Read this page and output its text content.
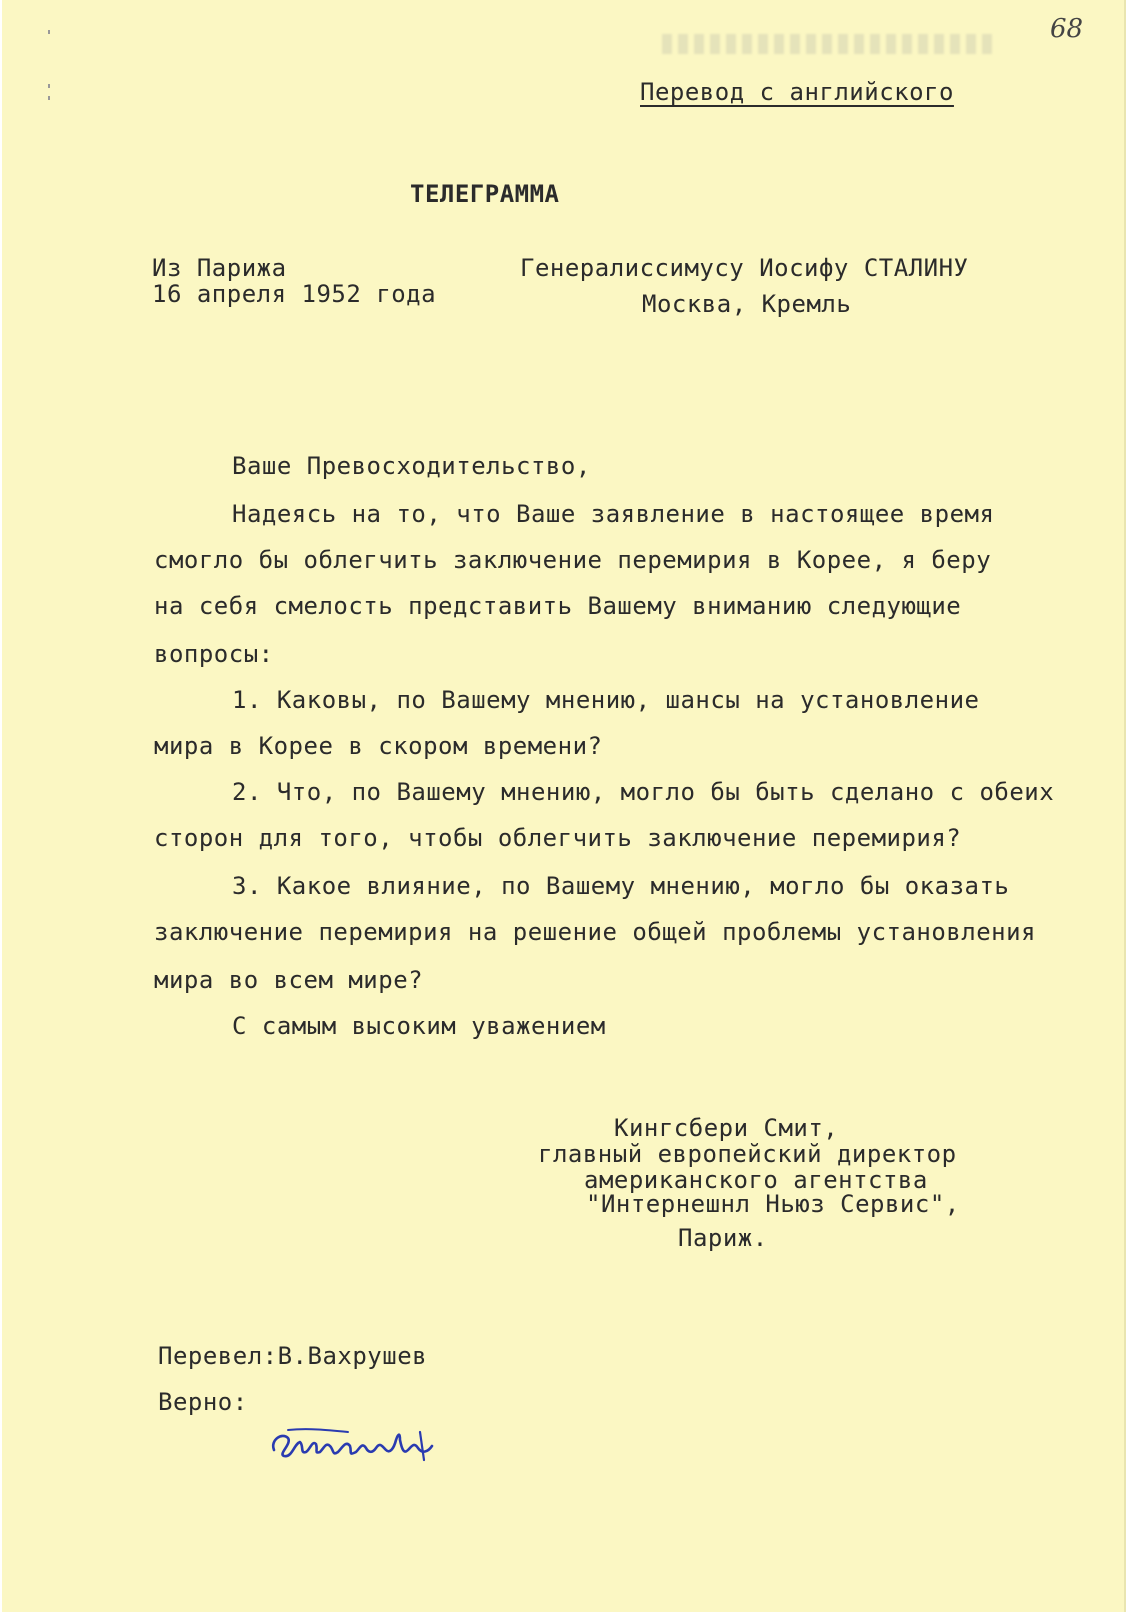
68
Перевод с английского
ТЕЛЕГРАММА
Из Парижа
16 апреля 1952 года
Генералиссимусу Иосифу СТАЛИНУ
Москва, Кремль
Ваше Превосходительство,
Надеясь на то, что Ваше заявление в настоящее время
смогло бы облегчить заключение перемирия в Корее, я беру
на себя смелость представить Вашему вниманию следующие
вопросы:
1. Каковы, по Вашему мнению, шансы на установление
мира в Корее в скором времени?
2. Что, по Вашему мнению, могло бы быть сделано с обеих
сторон для того, чтобы облегчить заключение перемирия?
3. Какое влияние, по Вашему мнению, могло бы оказать
заключение перемирия на решение общей проблемы установления
мира во всем мире?
С самым высоким уважением
Кингсбери Смит,
главный европейский директор
американского агентства
"Интернешнл Ньюз Сервис",
Париж.
Перевел:В.Вахрушев
Верно:
